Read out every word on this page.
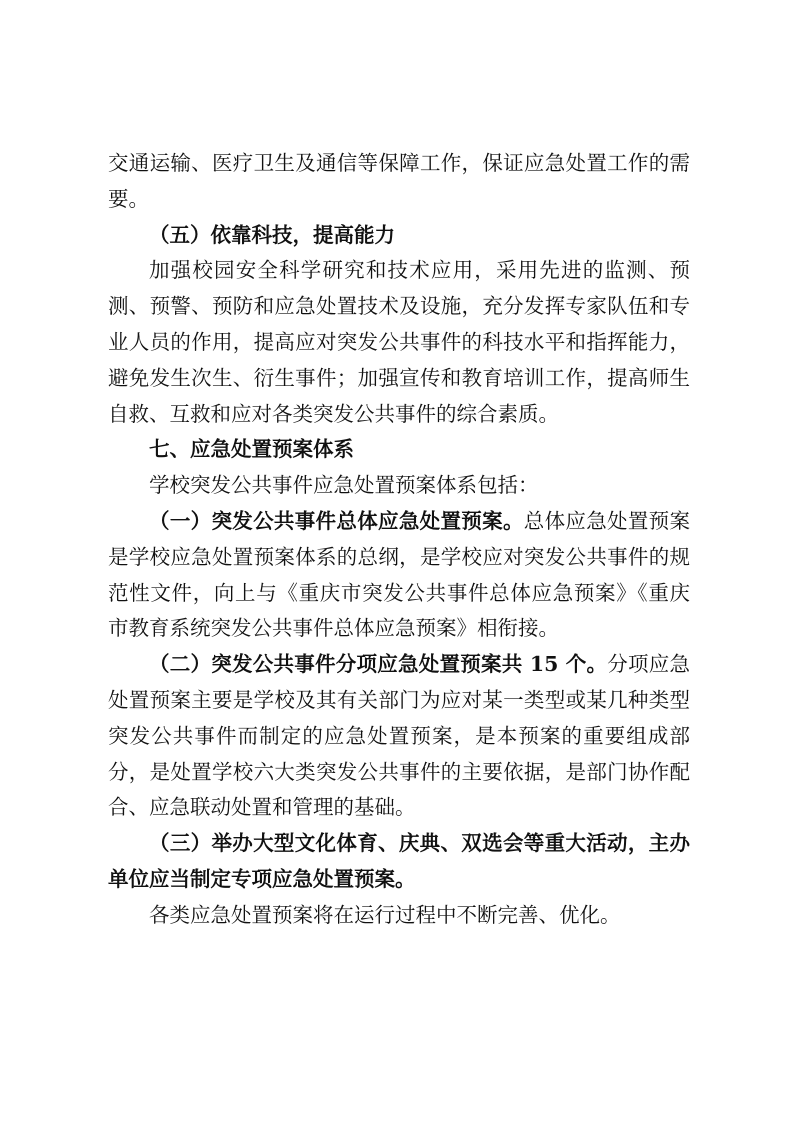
交通运输、医疗卫生及通信等保障工作，保证应急处置工作的需要。

（五）依靠科技，提高能力

加强校园安全科学研究和技术应用，采用先进的监测、预测、预警、预防和应急处置技术及设施，充分发挥专家队伍和专业人员的作用，提高应对突发公共事件的科技水平和指挥能力，避免发生次生、衍生事件；加强宣传和教育培训工作，提高师生自救、互救和应对各类突发公共事件的综合素质。

七、应急处置预案体系

学校突发公共事件应急处置预案体系包括：

（一）突发公共事件总体应急处置预案。总体应急处置预案是学校应急处置预案体系的总纲，是学校应对突发公共事件的规范性文件，向上与《重庆市突发公共事件总体应急预案》《重庆市教育系统突发公共事件总体应急预案》相衔接。

（二）突发公共事件分项应急处置预案共 15 个。分项应急处置预案主要是学校及其有关部门为应对某一类型或某几种类型突发公共事件而制定的应急处置预案，是本预案的重要组成部分，是处置学校六大类突发公共事件的主要依据，是部门协作配合、应急联动处置和管理的基础。

（三）举办大型文化体育、庆典、双选会等重大活动，主办单位应当制定专项应急处置预案。

各类应急处置预案将在运行过程中不断完善、优化。
